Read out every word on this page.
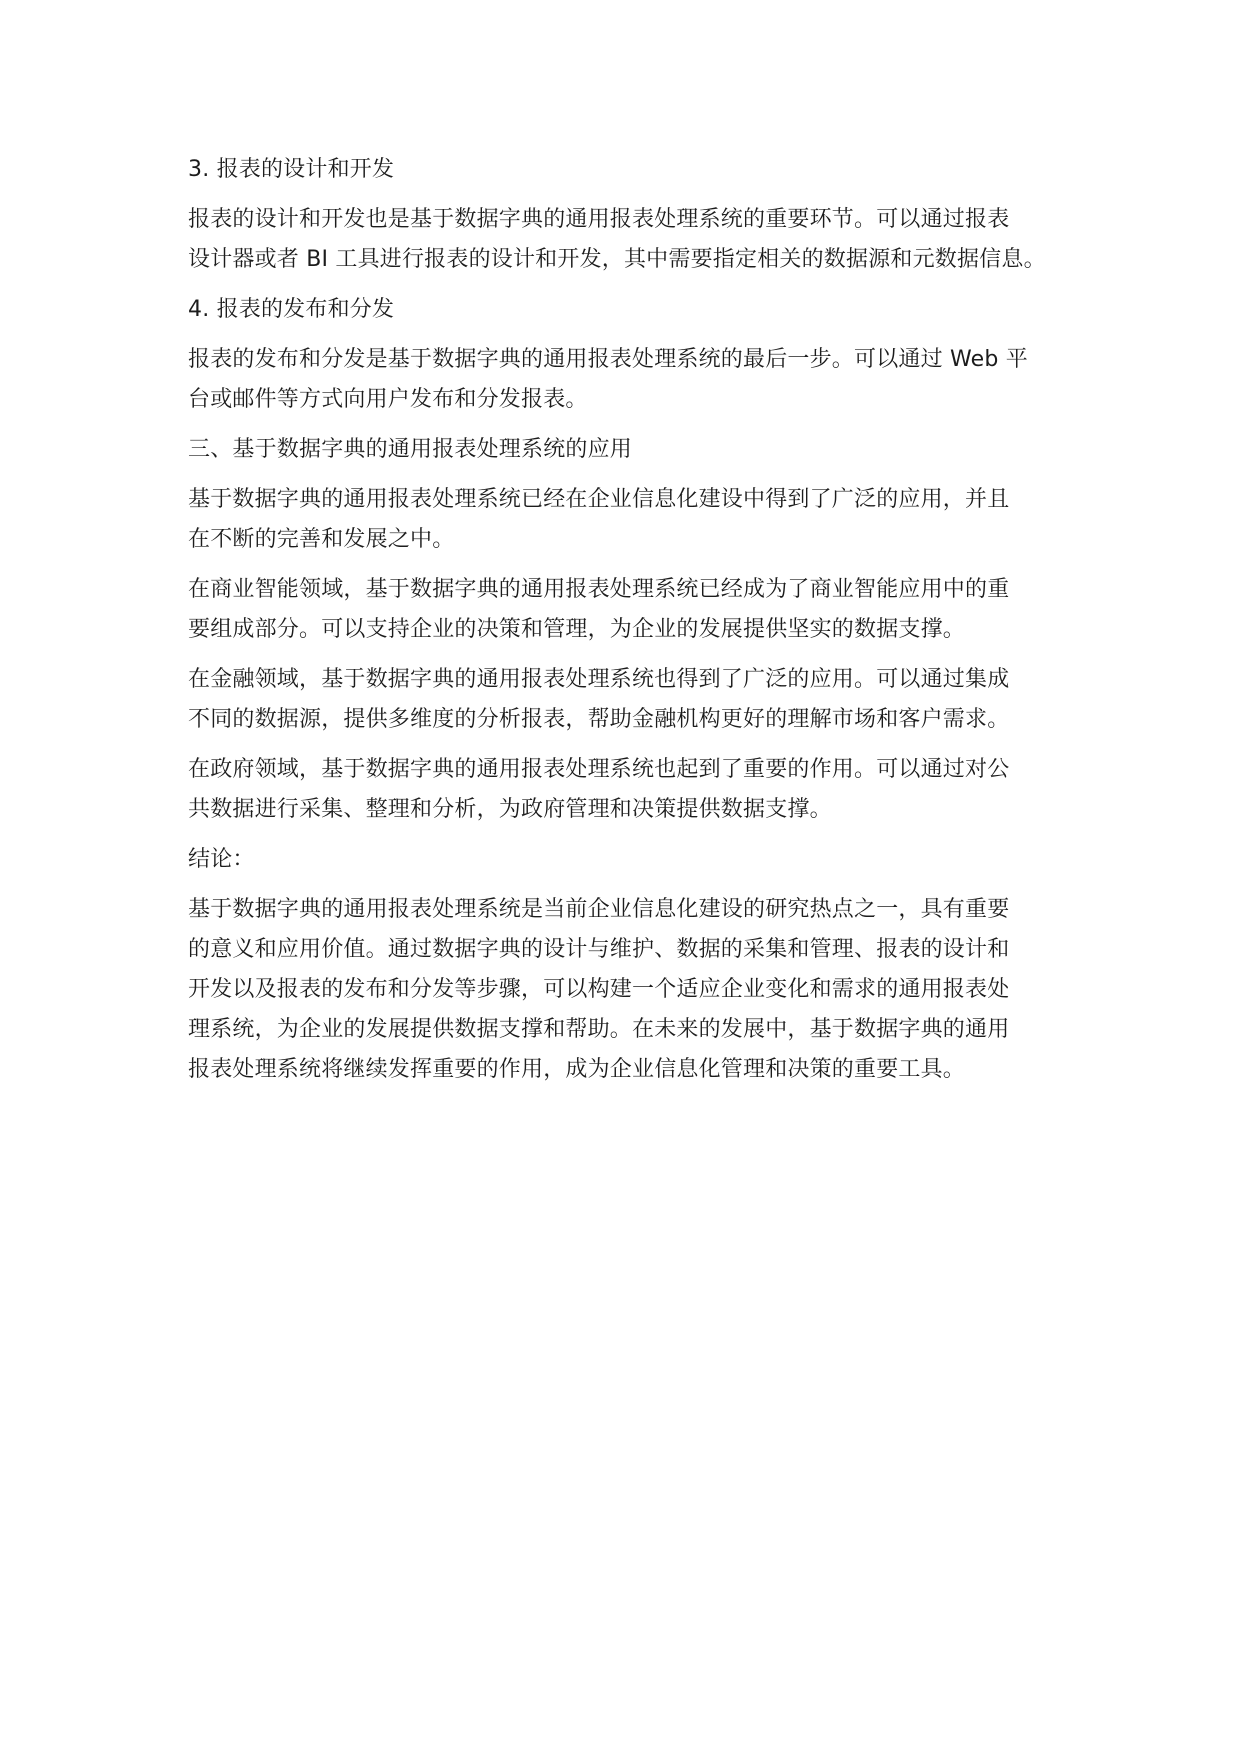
3. 报表的设计和开发
报表的设计和开发也是基于数据字典的通用报表处理系统的重要环节。可以通过报表
设计器或者 BI 工具进行报表的设计和开发，其中需要指定相关的数据源和元数据信息。
4. 报表的发布和分发
报表的发布和分发是基于数据字典的通用报表处理系统的最后一步。可以通过 Web 平
台或邮件等方式向用户发布和分发报表。
三、基于数据字典的通用报表处理系统的应用
基于数据字典的通用报表处理系统已经在企业信息化建设中得到了广泛的应用，并且
在不断的完善和发展之中。
在商业智能领域，基于数据字典的通用报表处理系统已经成为了商业智能应用中的重
要组成部分。可以支持企业的决策和管理，为企业的发展提供坚实的数据支撑。
在金融领域，基于数据字典的通用报表处理系统也得到了广泛的应用。可以通过集成
不同的数据源，提供多维度的分析报表，帮助金融机构更好的理解市场和客户需求。
在政府领域，基于数据字典的通用报表处理系统也起到了重要的作用。可以通过对公
共数据进行采集、整理和分析，为政府管理和决策提供数据支撑。
结论：
基于数据字典的通用报表处理系统是当前企业信息化建设的研究热点之一，具有重要
的意义和应用价值。通过数据字典的设计与维护、数据的采集和管理、报表的设计和
开发以及报表的发布和分发等步骤，可以构建一个适应企业变化和需求的通用报表处
理系统，为企业的发展提供数据支撑和帮助。在未来的发展中，基于数据字典的通用
报表处理系统将继续发挥重要的作用，成为企业信息化管理和决策的重要工具。
